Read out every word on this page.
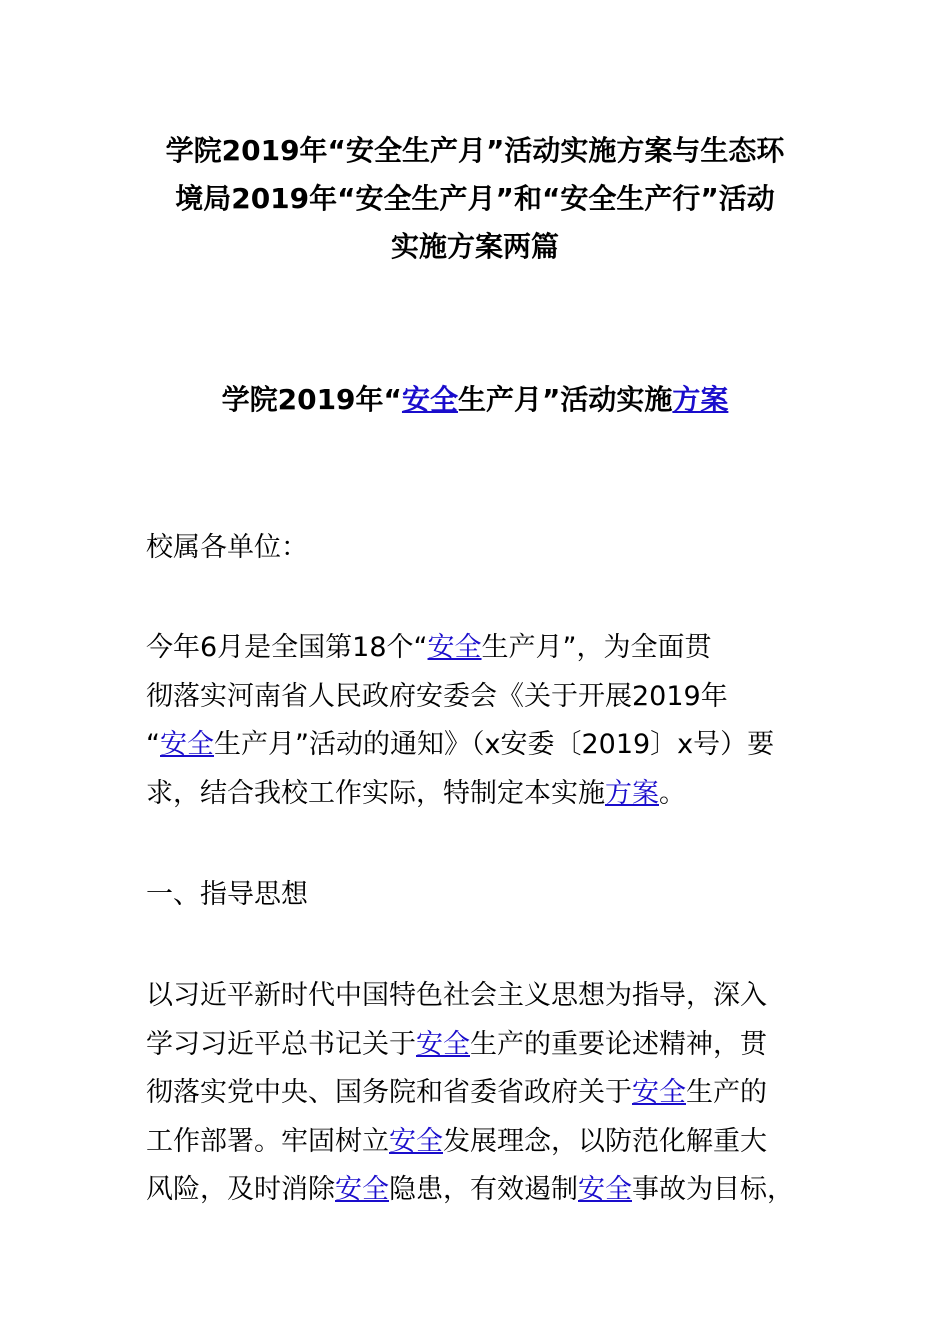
学院2019年“安全生产月”活动实施方案与生态环
境局2019年“安全生产月”和“安全生产行”活动
实施方案两篇
学院2019年“安全生产月”活动实施方案

校属各单位：

今年6月是全国第18个“安全生产月”，为全面贯
彻落实河南省人民政府安委会《关于开展2019年
“安全生产月”活动的通知》（x安委〔2019〕x号）要
求，结合我校工作实际，特制定本实施方案。

一、指导思想

以习近平新时代中国特色社会主义思想为指导，深入
学习习近平总书记关于安全生产的重要论述精神，贯
彻落实党中央、国务院和省委省政府关于安全生产的
工作部署。牢固树立安全发展理念，以防范化解重大
风险，及时消除安全隐患，有效遏制安全事故为目标，
